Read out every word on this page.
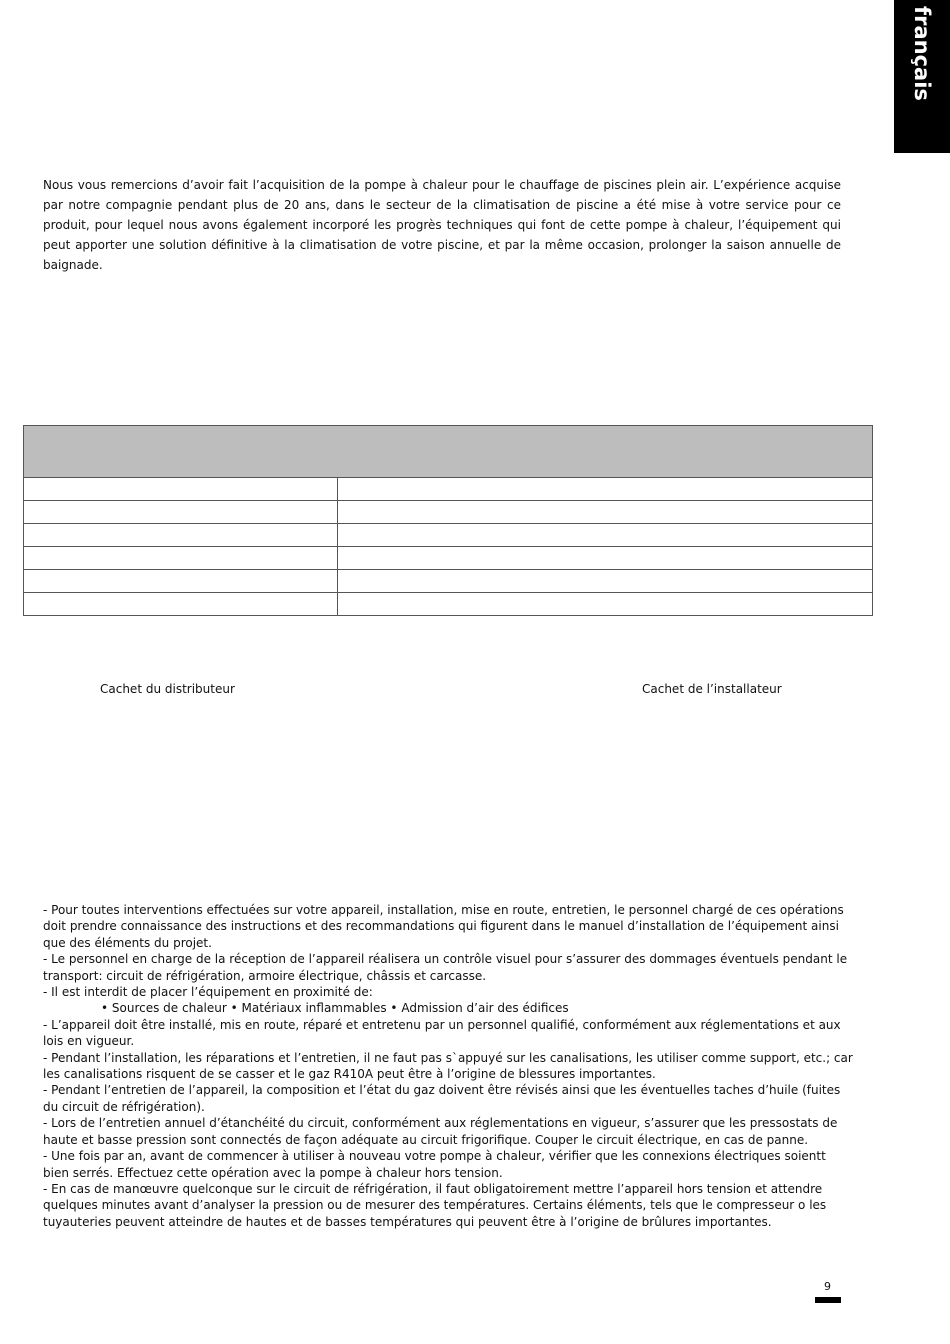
français

Nous vous remercions d’avoir fait l’acquisition de la pompe à chaleur pour le chauffage de piscines plein air. L’expérience acquise par notre compagnie pendant plus de 20 ans, dans le secteur de la climatisation de piscine a été mise à votre service pour ce produit, pour lequel nous avons également incorporé les progrès techniques qui font de cette pompe à chaleur, l’équipement qui peut apporter une solution définitive à la climatisation de votre piscine, et par la même occasion, prolonger la saison annuelle de baignade.

Cachet du distributeur	Cachet de l’installateur

- Pour toutes interventions effectuées sur votre appareil, installation, mise en route, entretien, le personnel chargé de ces opérations doit prendre connaissance des instructions et des recommandations qui figurent dans le manuel d’installation de l’équipement ainsi que des éléments du projet.

- Le personnel en charge de la réception de l’appareil réalisera un contrôle visuel pour s’assurer des dommages éventuels pendant le transport: circuit de réfrigération, armoire électrique, châssis et carcasse.

- Il est interdit de placer l’équipement en proximité de:

• Sources de chaleur • Matériaux inflammables • Admission d’air des édifices

- L’appareil doit être installé, mis en route, réparé et entretenu par un personnel qualifié, conformément aux réglementations et aux lois en vigueur.

- Pendant l’installation, les réparations et l’entretien, il ne faut pas s`appuyé sur les canalisations, les utiliser comme support, etc.; car les canalisations risquent de se casser et le gaz R410A peut être à l’origine de blessures importantes.

- Pendant l’entretien de l’appareil, la composition et l’état du gaz doivent être révisés ainsi que les éventuelles taches d’huile (fuites du circuit de réfrigération).

- Lors de l’entretien annuel d’étanchéité du circuit, conformément aux réglementations en vigueur, s’assurer que les pressostats de haute et basse pression sont connectés de façon adéquate au circuit frigorifique. Couper le circuit électrique, en cas de panne.

- Une fois par an, avant de commencer à utiliser à nouveau votre pompe à chaleur, vérifier que les connexions électriques soientt bien serrés. Effectuez cette opération avec la pompe à chaleur hors tension.

- En cas de manœuvre quelconque sur le circuit de réfrigération, il faut obligatoirement mettre l’appareil hors tension et attendre quelques minutes avant d’analyser la pression ou de mesurer des températures. Certains éléments, tels que le compresseur o les tuyauteries peuvent atteindre de hautes et de basses températures qui peuvent être à l’origine de brûlures importantes.

9
